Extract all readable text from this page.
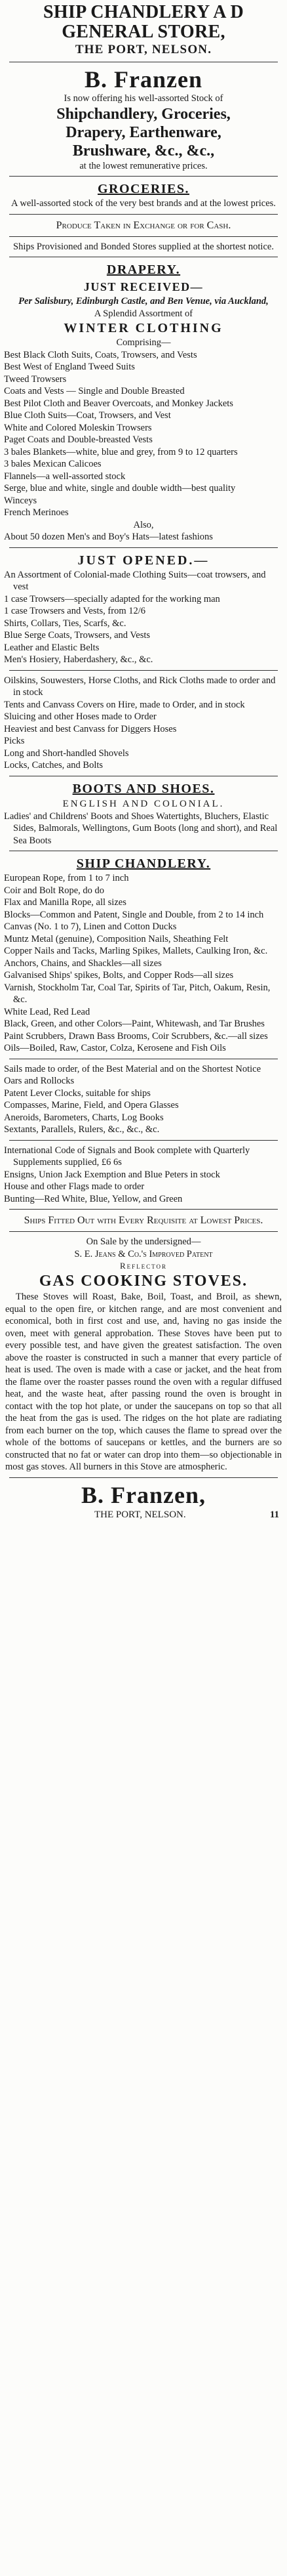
SHIP CHANDLERY A D
GENERAL STORE,
THE PORT, NELSON.
B. Franzen
Is now offering his well-assorted Stock of
Shipchandlery, Groceries,
Drapery, Earthenware,
Brushware, &c., &c.,
at the lowest remunerative prices.
GROCERIES.
A well-assorted stock of the very best brands and at the lowest prices.
Produce Taken in Exchange or for Cash.
Ships Provisioned and Bonded Stores supplied at the shortest notice.
DRAPERY.
JUST RECEIVED—
Per Salisbury, Edinburgh Castle, and Ben Venue, via Auckland,
A Splendid Assortment of
WINTER CLOTHING
Comprising—
Best Black Cloth Suits, Coats, Trowsers, and Vests
Best West of England Tweed Suits
Tweed Trowsers
Coats and Vests — Single and Double Breasted
Best Pilot Cloth and Beaver Overcoats, and Monkey Jackets
Blue Cloth Suits—Coat, Trowsers, and Vest
White and Colored Moleskin Trowsers
Paget Coats and Double-breasted Vests
3 bales Blankets—white, blue and grey, from 9 to 12 quarters
3 bales Mexican Calicoes
Flannels—a well-assorted stock
Serge, blue and white, single and double width—best quality
Winceys
French Merinoes
Also,
About 50 dozen Men's and Boy's Hats—latest fashions
JUST OPENED.—
An Assortment of Colonial-made Clothing Suits—coat trowsers, and vest
1 case Trowsers—specially adapted for the working man
1 case Trowsers and Vests, from 12/6
Shirts, Collars, Ties, Scarfs, &c.
Blue Serge Coats, Trowsers, and Vests
Leather and Elastic Belts
Men's Hosiery, Haberdashery, &c., &c.
Oilskins, Souwesters, Horse Cloths, and Rick Cloths made to order and in stock
Tents and Canvass Covers on Hire, made to Order, and in stock
Sluicing and other Hoses made to Order
Heaviest and best Canvass for Diggers Hoses
Picks
Long and Short-handled Shovels
Locks, Catches, and Bolts
BOOTS AND SHOES.
ENGLISH AND COLONIAL.
Ladies' and Childrens' Boots and Shoes Watertights, Bluchers, Elastic Sides, Balmorals, Wellingtons, Gum Boots (long and short), and Real Sea Boots
SHIP CHANDLERY.
European Rope, from 1 to 7 inch
Coir and Bolt Rope, do do
Flax and Manilla Rope, all sizes
Blocks—Common and Patent, Single and Double, from 2 to 14 inch
Canvas (No. 1 to 7), Linen and Cotton Ducks
Muntz Metal (genuine), Composition Nails, Sheathing Felt
Copper Nails and Tacks, Marling Spikes, Mallets, Caulking Iron, &c.
Anchors, Chains, and Shackles—all sizes
Galvanised Ships' spikes, Bolts, and Copper Rods—all sizes
Varnish, Stockholm Tar, Coal Tar, Spirits of Tar, Pitch, Oakum, Resin, &c.
White Lead, Red Lead
Black, Green, and other Colors—Paint, Whitewash, and Tar Brushes
Paint Scrubbers, Drawn Bass Brooms, Coir Scrubbers, &c.—all sizes
Oils—Boiled, Raw, Castor, Colza, Kerosene and Fish Oils
Sails made to order, of the Best Material and on the Shortest Notice
Oars and Rollocks
Patent Lever Clocks, suitable for ships
Compasses, Marine, Field, and Opera Glasses
Aneroids, Barometers, Charts, Log Books
Sextants, Parallels, Rulers, &c., &c., &c.
International Code of Signals and Book complete with Quarterly Supplements supplied, £6 6s
Ensigns, Union Jack Exemption and Blue Peters in stock
House and other Flags made to order
Bunting—Red White, Blue, Yellow, and Green
Ships Fitted Out with Every Requisite at Lowest Prices.
On Sale by the undersigned—
S. E. Jeans & Co.'s Improved Patent
Reflector
GAS COOKING STOVES.
These Stoves will Roast, Bake, Boil, Toast, and Broil, as shewn, equal to the open fire, or kitchen range, and are most convenient and economical, both in first cost and use, and, having no gas inside the oven, meet with general approbation. These Stoves have been put to every possible test, and have given the greatest satisfaction. The oven above the roaster is constructed in such a manner that every particle of heat is used. The oven is made with a case or jacket, and the heat from the flame over the roaster passes round the oven with a regular diffused heat, and the waste heat, after passing round the oven is brought in contact with the top hot plate, or under the saucepans on top so that all the heat from the gas is used. The ridges on the hot plate are radiating from each burner on the top, which causes the flame to spread over the whole of the bottoms of saucepans or kettles, and the burners are so constructed that no fat or water can drop into them—so objectionable in most gas stoves. All burners in this Stove are atmospheric.
B. Franzen,

THE PORT, NELSON.	11
